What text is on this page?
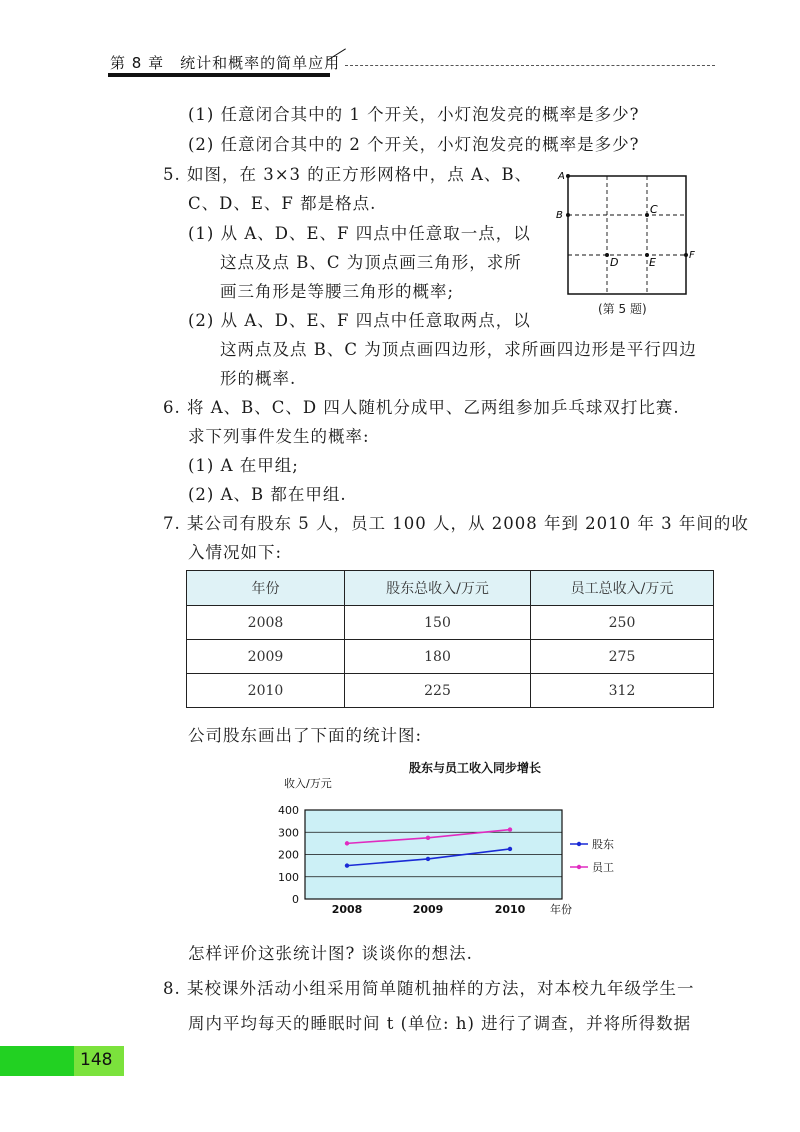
第 8 章　统计和概率的简单应用
(1) 任意闭合其中的 1 个开关，小灯泡发亮的概率是多少?
(2) 任意闭合其中的 2 个开关，小灯泡发亮的概率是多少?
5. 如图，在 3×3 的正方形网格中，点 A、B、
C、D、E、F 都是格点.
(1) 从 A、D、E、F 四点中任意取一点，以
这点及点 B、C 为顶点画三角形，求所
画三角形是等腰三角形的概率;
(2) 从 A、D、E、F 四点中任意取两点，以
这两点及点 B、C 为顶点画四边形，求所画四边形是平行四边
形的概率.
6. 将 A、B、C、D 四人随机分成甲、乙两组参加乒乓球双打比赛.
求下列事件发生的概率:
(1) A 在甲组;
(2) A、B 都在甲组.
7. 某公司有股东 5 人，员工 100 人，从 2008 年到 2010 年 3 年间的收
入情况如下:
公司股东画出了下面的统计图:
怎样评价这张统计图? 谈谈你的想法.
8. 某校课外活动小组采用简单随机抽样的方法，对本校九年级学生一
周内平均每天的睡眠时间 t (单位: h) 进行了调查，并将所得数据
A
B	C
D	E
F
(第 5 题)
年份	股东总收入/万元	员工总收入/万元
2008	150	250
2009	180	275
2010	225	312
股东与员工收入同步增长
收入/万元
0
100
200
300
400
2008	2009	2010
股东
员工
年份
148
